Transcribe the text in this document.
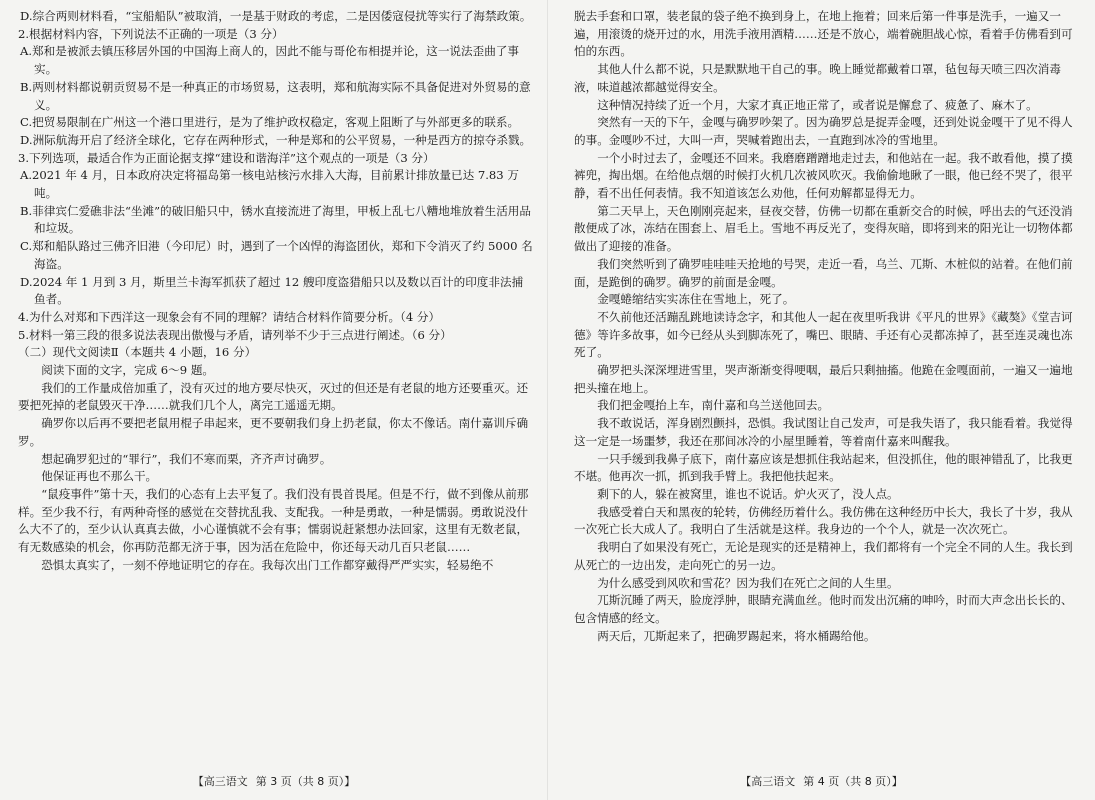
D.综合两则材料看，“宝船船队”被取消，一是基于财政的考虑，二是因倭寇侵扰等实行了海禁政策。

2.根据材料内容，下列说法不正确的一项是（3 分）

A.郑和是被派去镇压移居外国的中国海上商人的，因此不能与哥伦布相提并论，这一说法歪曲了事实。

B.两则材料都说朝贡贸易不是一种真正的市场贸易，这表明，郑和航海实际不具备促进对外贸易的意义。

C.把贸易限制在广州这一个港口里进行，是为了维护政权稳定，客观上阻断了与外部更多的联系。

D.洲际航海开启了经济全球化，它存在两种形式，一种是郑和的公平贸易，一种是西方的掠夺杀戮。

3.下列选项，最适合作为正面论据支撑“建设和谐海洋”这个观点的一项是（3 分）

A.2021 年 4 月，日本政府决定将福岛第一核电站核污水排入大海，目前累计排放量已达 7.83 万吨。

B.菲律宾仁爱礁非法“坐滩”的破旧船只中，锈水直接流进了海里，甲板上乱七八糟地堆放着生活用品和垃圾。

C.郑和船队路过三佛齐旧港（今印尼）时，遇到了一个凶悍的海盗团伙，郑和下令消灭了约 5000 名海盗。

D.2024 年 1 月到 3 月，斯里兰卡海军抓获了超过 12 艘印度盗猎船只以及数以百计的印度非法捕鱼者。

4.为什么对郑和下西洋这一现象会有不同的理解？请结合材料作简要分析。（4 分）

5.材料一第三段的很多说法表现出傲慢与矛盾，请列举不少于三点进行阐述。（6 分）

（二）现代文阅读Ⅱ（本题共 4 小题，16 分）

阅读下面的文字，完成 6～9 题。

我们的工作量成倍加重了，没有灭过的地方要尽快灭，灭过的但还是有老鼠的地方还要重灭。还要把死掉的老鼠毁灭干净……就我们几个人，离完工遥遥无期。

确罗你以后再不要把老鼠用棍子串起来，更不要朝我们身上扔老鼠，你太不像话。南什嘉训斥确罗。

想起确罗犯过的“罪行”，我们不寒而栗，齐齐声讨确罗。

他保证再也不那么干。

“鼠疫事件”第十天，我们的心态有上去平复了。我们没有畏首畏尾。但是不行，做不到像从前那样。至少我不行，有两种奇怪的感觉在交替扰乱我、支配我。一种是勇敢，一种是懦弱。勇敢说没什么大不了的，至少认认真真去做，小心谨慎就不会有事；懦弱说赶紧想办法回家，这里有无数老鼠，有无数感染的机会，你再防范都无济于事，因为活在危险中，你还每天动几百只老鼠……

恐惧太真实了，一刻不停地证明它的存在。我每次出门工作都穿戴得严严实实，轻易绝不

【高三语文 第 3 页（共 8 页）】

脱去手套和口罩，装老鼠的袋子绝不换到身上，在地上拖着；回来后第一件事是洗手，一遍又一遍，用滚烫的烧开过的水，用洗手液用酒精……还是不放心，端着碗胆战心惊，看着手仿佛看到可怕的东西。

其他人什么都不说，只是默默地干自己的事。晚上睡觉都戴着口罩，毡包每天喷三四次消毒液，味道越浓都越觉得安全。

这种情况持续了近一个月，大家才真正地正常了，或者说是懈怠了、疲惫了、麻木了。

突然有一天的下午，金嘎与确罗吵架了。因为确罗总是捉弄金嘎，还到处说金嘎干了见不得人的事。金嘎吵不过，大叫一声，哭喊着跑出去，一直跑到冰冷的雪地里。

一个小时过去了，金嘎还不回来。我磨磨蹭蹭地走过去，和他站在一起。我不敢看他，摸了摸裤兜，掏出烟。在给他点烟的时候打火机几次被风吹灭。我偷偷地瞅了一眼，他已经不哭了，很平静，看不出任何表情。我不知道该怎么劝他，任何劝解都显得无力。

第二天早上，天色刚刚亮起来，昼夜交替，仿佛一切都在重新交合的时候，呼出去的气还没消散便成了冰，冻结在围套上、眉毛上。雪地不再反光了，变得灰暗，即将到来的阳光让一切物体都做出了迎接的准备。

我们突然听到了确罗哇哇哇天抢地的号哭，走近一看，乌兰、兀斯、木桩似的站着。在他们前面，是跪倒的确罗。确罗的前面是金嘎。

金嘎蜷缩结实实冻住在雪地上，死了。

不久前他还活蹦乱跳地读诗念字，和其他人一起在夜里听我讲《平凡的世界》《藏獒》《堂吉诃德》等许多故事，如今已经从头到脚冻死了，嘴巴、眼睛、手还有心灵都冻掉了，甚至连灵魂也冻死了。

确罗把头深深埋进雪里，哭声渐渐变得哽咽，最后只剩抽搐。他跪在金嘎面前，一遍又一遍地把头撞在地上。

我们把金嘎抬上车，南什嘉和乌兰送他回去。

我不敢说话，浑身剧烈颤抖，恐惧。我试图让自己发声，可是我失语了，我只能看着。我觉得这一定是一场噩梦，我还在那间冰冷的小屋里睡着，等着南什嘉来叫醒我。

一只手缓到我鼻子底下，南什嘉应该是想抓住我站起来，但没抓住，他的眼神错乱了，比我更不堪。他再次一抓，抓到我手臂上。我把他扶起来。

剩下的人，躲在被窝里，谁也不说话。炉火灭了，没人点。

我感受着白天和黑夜的轮转，仿佛经历着什么。我仿佛在这种经历中长大，我长了十岁，我从一次死亡长大成人了。我明白了生活就是这样。我身边的一个个人，就是一次次死亡。

我明白了如果没有死亡，无论是现实的还是精神上，我们都将有一个完全不同的人生。我长到从死亡的一边出发，走向死亡的另一边。

为什么感受到风吹和雪花？因为我们在死亡之间的人生里。

兀斯沉睡了两天，脸庞浮肿，眼睛充满血丝。他时而发出沉痛的呻吟，时而大声念出长长的、包含情感的经文。

两天后，兀斯起来了，把确罗踢起来，将水桶踢给他。

【高三语文 第 4 页（共 8 页）】
